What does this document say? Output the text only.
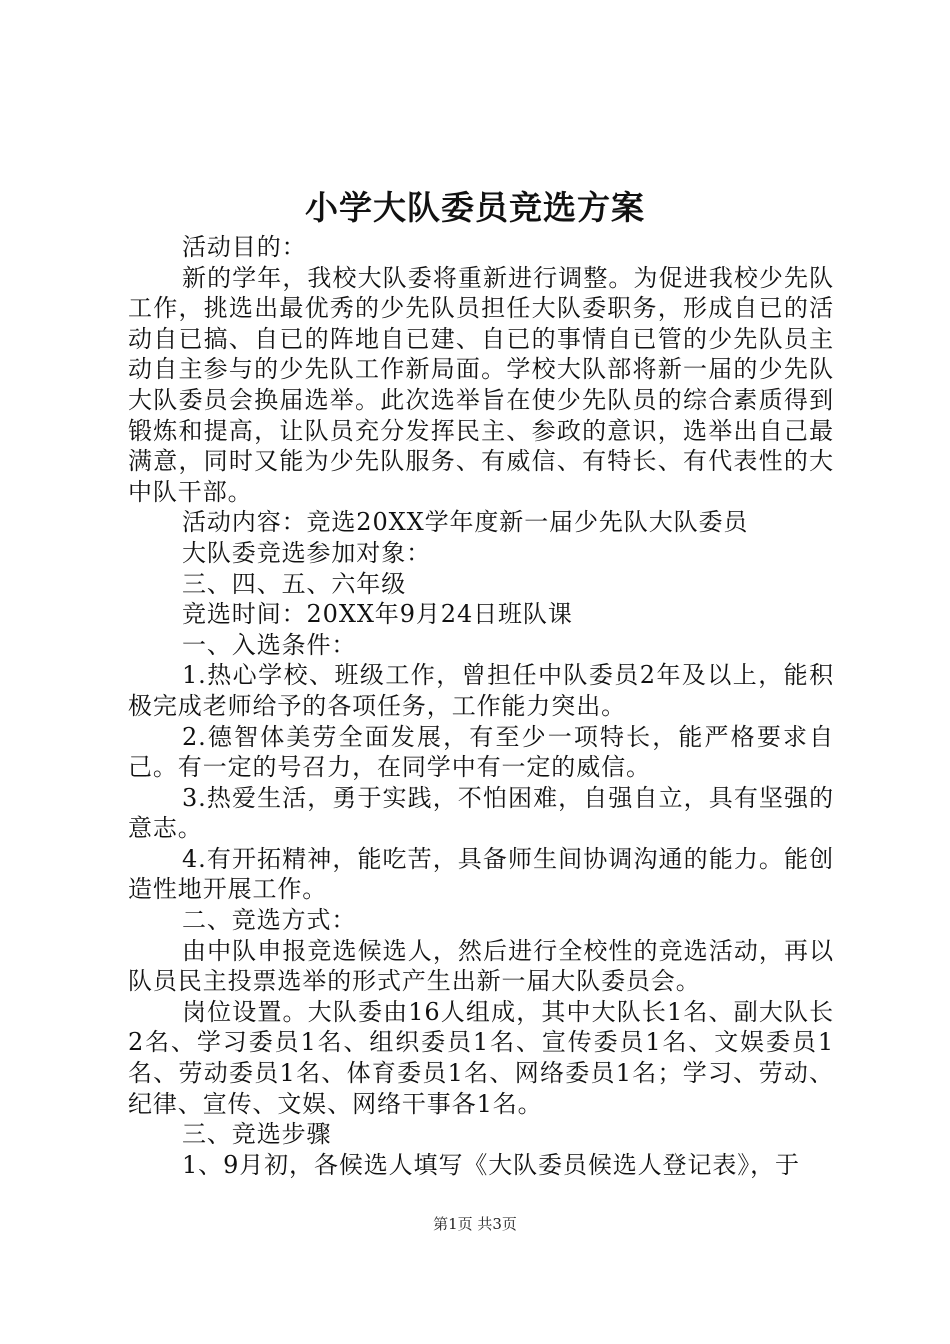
小学大队委员竞选方案

活动目的：

新的学年，我校大队委将重新进行调整。为促进我校少先队工作，挑选出最优秀的少先队员担任大队委职务，形成自已的活动自已搞、自已的阵地自已建、自已的事情自已管的少先队员主动自主参与的少先队工作新局面。学校大队部将新一届的少先队大队委员会换届选举。此次选举旨在使少先队员的综合素质得到锻炼和提高，让队员充分发挥民主、参政的意识，选举出自己最满意，同时又能为少先队服务、有威信、有特长、有代表性的大中队干部。

活动内容：竞选20XX学年度新一届少先队大队委员

大队委竞选参加对象：

三、四、五、六年级

竞选时间：20XX年9月24日班队课

一、入选条件：

1.热心学校、班级工作，曾担任中队委员2年及以上，能积极完成老师给予的各项任务，工作能力突出。

2.德智体美劳全面发展，有至少一项特长，能严格要求自己。有一定的号召力，在同学中有一定的威信。

3.热爱生活，勇于实践，不怕困难，自强自立，具有坚强的意志。

4.有开拓精神，能吃苦，具备师生间协调沟通的能力。能创造性地开展工作。

二、竞选方式：

由中队申报竞选候选人，然后进行全校性的竞选活动，再以队员民主投票选举的形式产生出新一届大队委员会。

岗位设置。大队委由16人组成，其中大队长1名、副大队长2名、学习委员1名、组织委员1名、宣传委员1名、文娱委员1名、劳动委员1名、体育委员1名、网络委员1名；学习、劳动、纪律、宣传、文娱、网络干事各1名。

三、竞选步骤

1、9月初，各候选人填写《大队委员候选人登记表》，于

第1页 共3页
